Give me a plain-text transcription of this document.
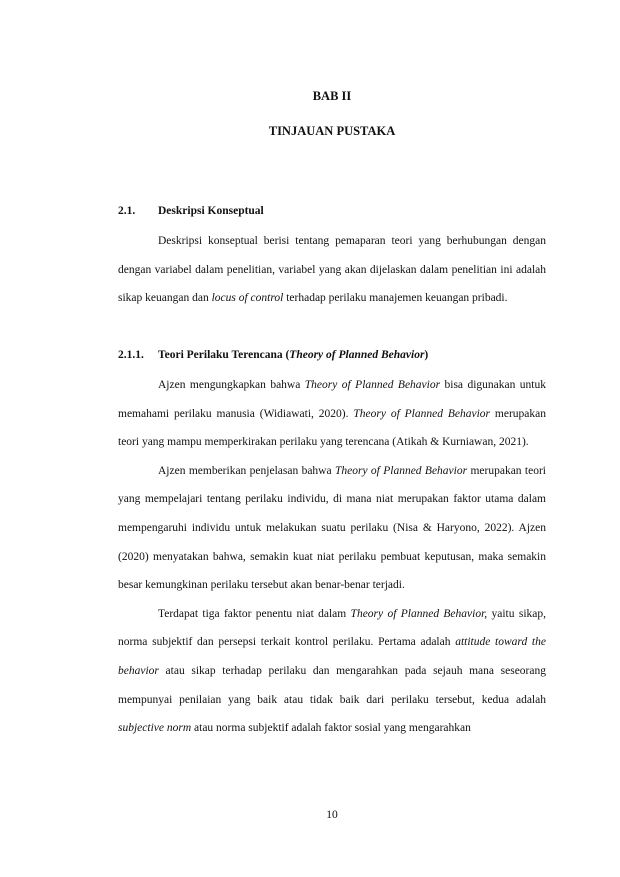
BAB II
TINJAUAN PUSTAKA
2.1. Deskripsi Konseptual

Deskripsi konseptual berisi tentang pemaparan teori yang berhubungan dengan dengan variabel dalam penelitian, variabel yang akan dijelaskan dalam penelitian ini adalah sikap keuangan dan locus of control terhadap perilaku manajemen keuangan pribadi.

2.1.1. Teori Perilaku Terencana (Theory of Planned Behavior)

Ajzen mengungkapkan bahwa Theory of Planned Behavior bisa digunakan untuk memahami perilaku manusia (Widiawati, 2020). Theory of Planned Behavior merupakan teori yang mampu memperkirakan perilaku yang terencana (Atikah & Kurniawan, 2021).

Ajzen memberikan penjelasan bahwa Theory of Planned Behavior merupakan teori yang mempelajari tentang perilaku individu, di mana niat merupakan faktor utama dalam mempengaruhi individu untuk melakukan suatu perilaku (Nisa & Haryono, 2022). Ajzen (2020) menyatakan bahwa, semakin kuat niat perilaku pembuat keputusan, maka semakin besar kemungkinan perilaku tersebut akan benar-benar terjadi.

Terdapat tiga faktor penentu niat dalam Theory of Planned Behavior, yaitu sikap, norma subjektif dan persepsi terkait kontrol perilaku. Pertama adalah attitude toward the behavior atau sikap terhadap perilaku dan mengarahkan pada sejauh mana seseorang mempunyai penilaian yang baik atau tidak baik dari perilaku tersebut, kedua adalah subjective norm atau norma subjektif adalah faktor sosial yang mengarahkan

10
